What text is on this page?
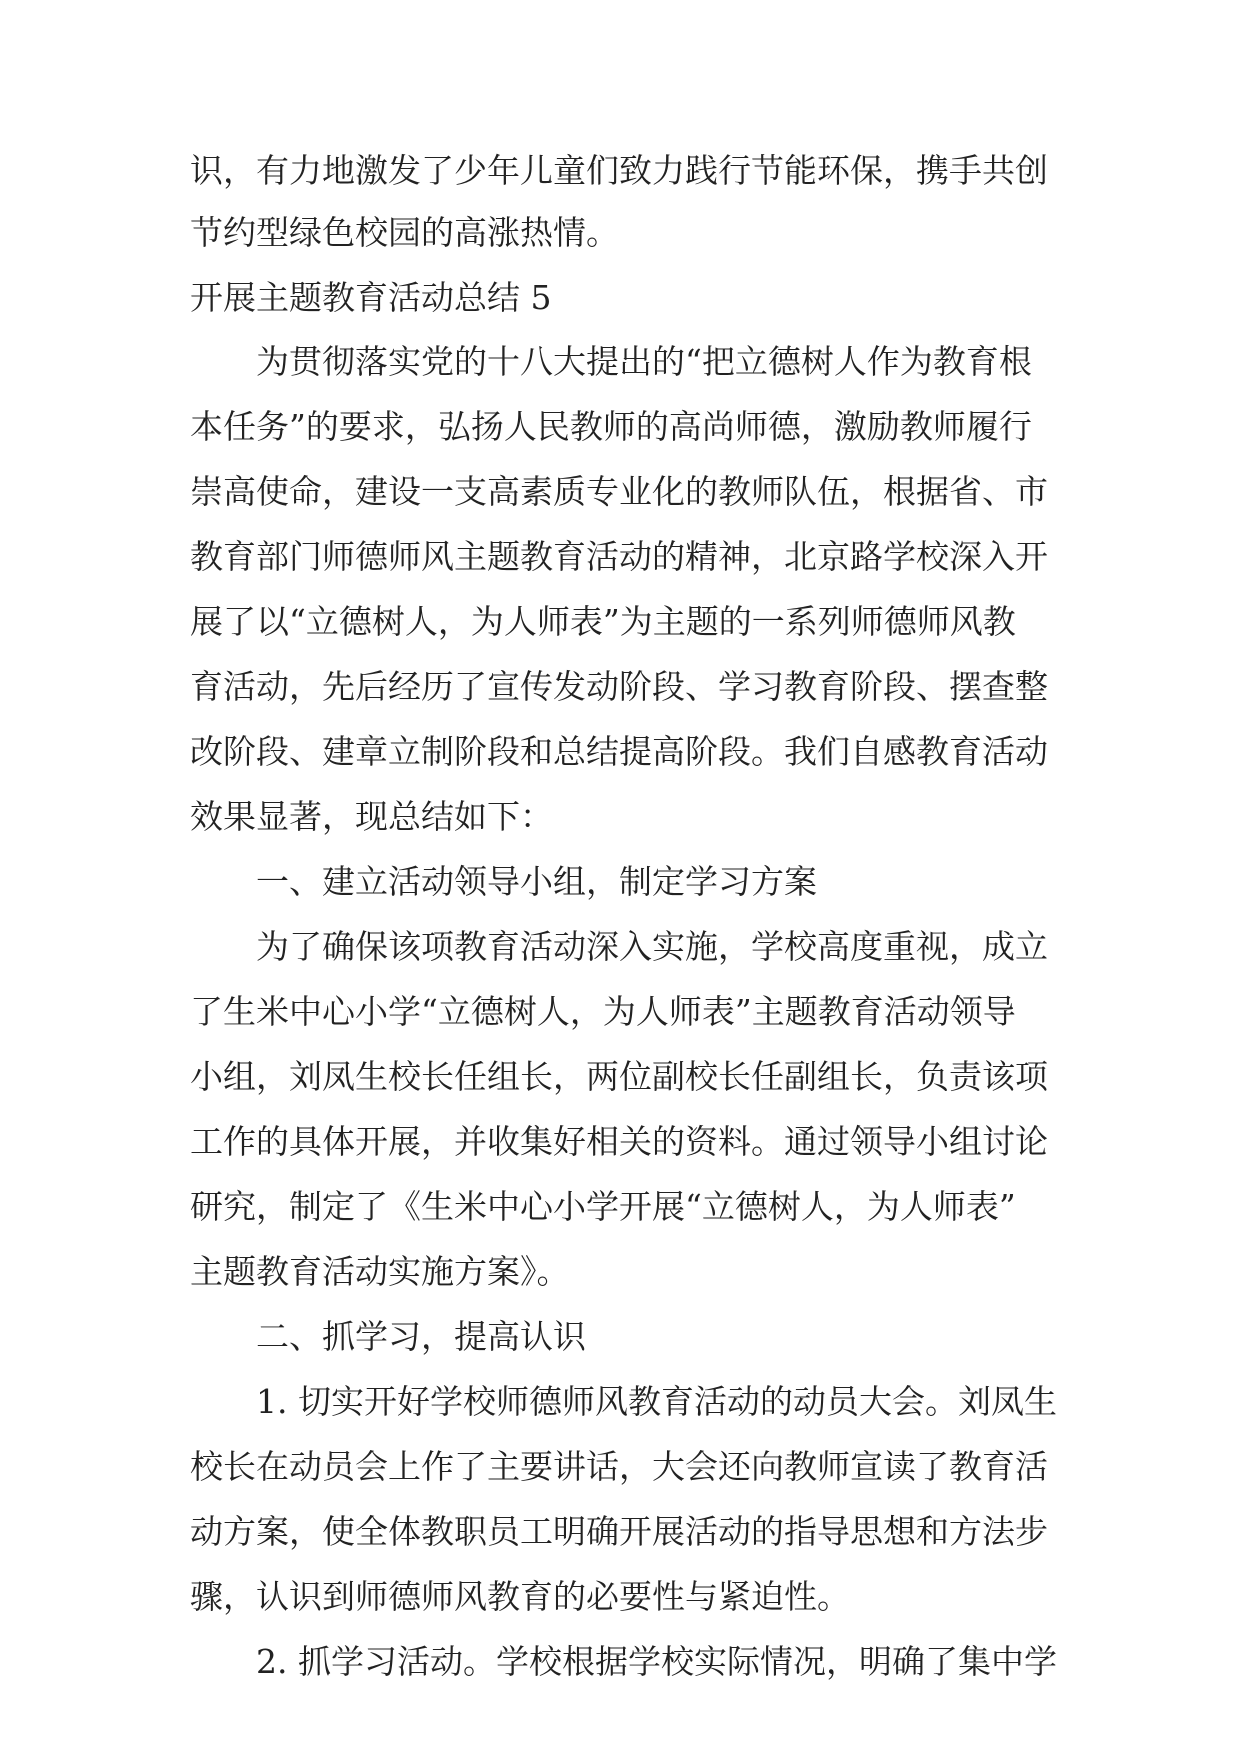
识，有力地激发了少年儿童们致力践行节能环保，携手共创
节约型绿色校园的高涨热情。
开展主题教育活动总结 5
为贯彻落实党的十八大提出的“把立德树人作为教育根
本任务”的要求，弘扬人民教师的高尚师德，激励教师履行
崇高使命，建设一支高素质专业化的教师队伍，根据省、市
教育部门师德师风主题教育活动的精神，北京路学校深入开
展了以“立德树人，为人师表”为主题的一系列师德师风教
育活动，先后经历了宣传发动阶段、学习教育阶段、摆查整
改阶段、建章立制阶段和总结提高阶段。我们自感教育活动
效果显著，现总结如下：
一、建立活动领导小组，制定学习方案
为了确保该项教育活动深入实施，学校高度重视，成立
了生米中心小学“立德树人，为人师表”主题教育活动领导
小组，刘凤生校长任组长，两位副校长任副组长，负责该项
工作的具体开展，并收集好相关的资料。通过领导小组讨论
研究，制定了《生米中心小学开展“立德树人，为人师表”
主题教育活动实施方案》。
二、抓学习，提高认识
1. 切实开好学校师德师风教育活动的动员大会。刘凤生
校长在动员会上作了主要讲话，大会还向教师宣读了教育活
动方案，使全体教职员工明确开展活动的指导思想和方法步
骤，认识到师德师风教育的必要性与紧迫性。
2. 抓学习活动。学校根据学校实际情况，明确了集中学
